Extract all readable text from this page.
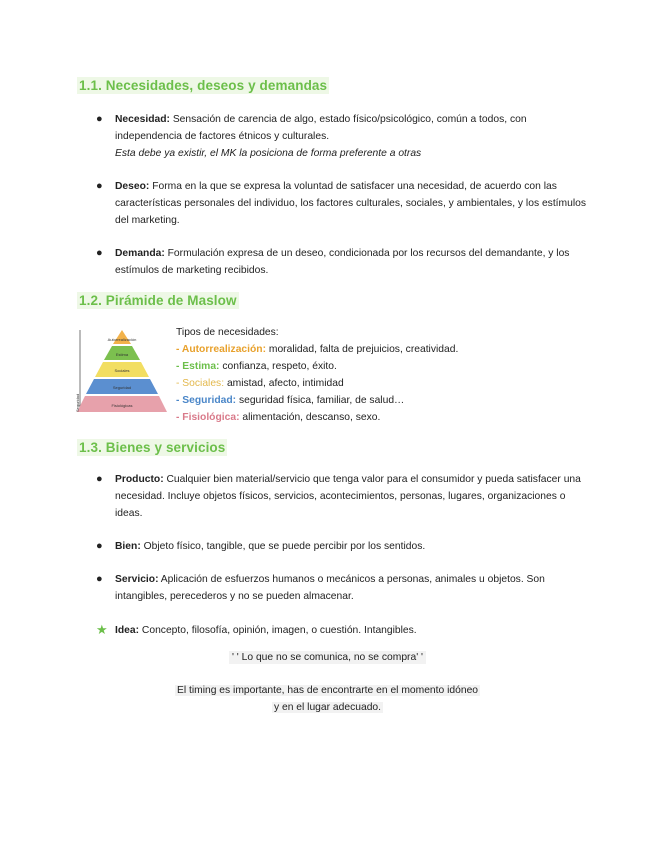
1.1. Necesidades, deseos y demandas
● Necesidad: Sensación de carencia de algo, estado físico/psicológico, común a todos, con independencia de factores étnicos y culturales.
Esta debe ya existir, el MK la posiciona de forma preferente a otras
● Deseo: Forma en la que se expresa la voluntad de satisfacer una necesidad, de acuerdo con las características personales del individuo, los factores culturales, sociales, y ambientales, y los estímulos del marketing.
● Demanda: Formulación expresa de un deseo, condicionada por los recursos del demandante, y los estímulos de marketing recibidos.
1.2. Pirámide de Maslow
Autorrealización
Estima
Sociales
Seguridad
Fisiológicas
Seguridad
Tipos de necesidades:
- Autorrealización: moralidad, falta de prejuicios, creatividad.
- Estima: confianza, respeto, éxito.
- Sociales: amistad, afecto, intimidad
- Seguridad: seguridad física, familiar, de salud…
- Fisiológica: alimentación, descanso, sexo.
1.3. Bienes y servicios
● Producto: Cualquier bien material/servicio que tenga valor para el consumidor y pueda satisfacer una necesidad. Incluye objetos físicos, servicios, acontecimientos, personas, lugares, organizaciones o ideas.
● Bien: Objeto físico, tangible, que se puede percibir por los sentidos.
● Servicio: Aplicación de esfuerzos humanos o mecánicos a personas, animales u objetos. Son intangibles, perecederos y no se pueden almacenar.
★ Idea: Concepto, filosofía, opinión, imagen, o cuestión. Intangibles.
' ' Lo que no se comunica, no se compra' '
El timing es importante, has de encontrarte en el momento idóneo
y en el lugar adecuado.
